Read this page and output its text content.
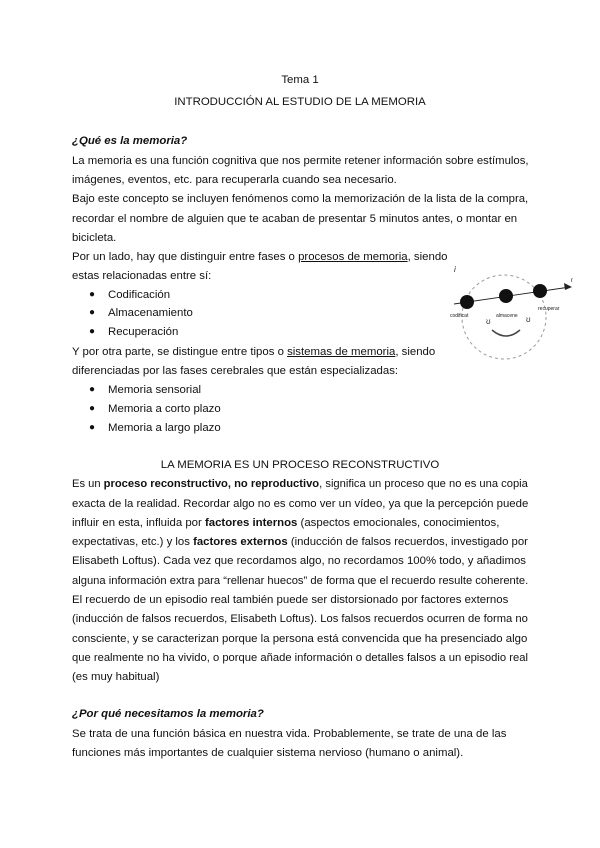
Tema 1
INTRODUCCIÓN AL ESTUDIO DE LA MEMORIA
¿Qué es la memoria?
La memoria es una función cognitiva que nos permite retener información sobre estímulos,
imágenes, eventos, etc. para recuperarla cuando sea necesario.
Bajo este concepto se incluyen fenómenos como la memorización de la lista de la compra,
recordar el nombre de alguien que te acaban de presentar 5 minutos antes, o montar en
bicicleta.
Por un lado, hay que distinguir entre fases o procesos de memoria, siendo
estas relacionadas entre sí:
● Codificación
● Almacenamiento
● Recuperación
Y por otra parte, se distingue entre tipos o sistemas de memoria, siendo
diferenciadas por las fases cerebrales que están especializadas:
● Memoria sensorial
● Memoria a corto plazo
● Memoria a largo plazo
i
r
codificat	almacene
recuperar
ʊ	ʊ
LA MEMORIA ES UN PROCESO RECONSTRUCTIVO
Es un proceso reconstructivo, no reproductivo, significa un proceso que no es una copia
exacta de la realidad. Recordar algo no es como ver un vídeo, ya que la percepción puede
influir en esta, influida por factores internos (aspectos emocionales, conocimientos,
expectativas, etc.) y los factores externos (inducción de falsos recuerdos, investigado por
Elisabeth Loftus). Cada vez que recordamos algo, no recordamos 100% todo, y añadimos
alguna información extra para “rellenar huecos” de forma que el recuerdo resulte coherente.
El recuerdo de un episodio real también puede ser distorsionado por factores externos
(inducción de falsos recuerdos, Elisabeth Loftus). Los falsos recuerdos ocurren de forma no
consciente, y se caracterizan porque la persona está convencida que ha presenciado algo
que realmente no ha vivido, o porque añade información o detalles falsos a un episodio real
(es muy habitual)
¿Por qué necesitamos la memoria?
Se trata de una función básica en nuestra vida. Probablemente, se trate de una de las
funciones más importantes de cualquier sistema nervioso (humano o animal).
